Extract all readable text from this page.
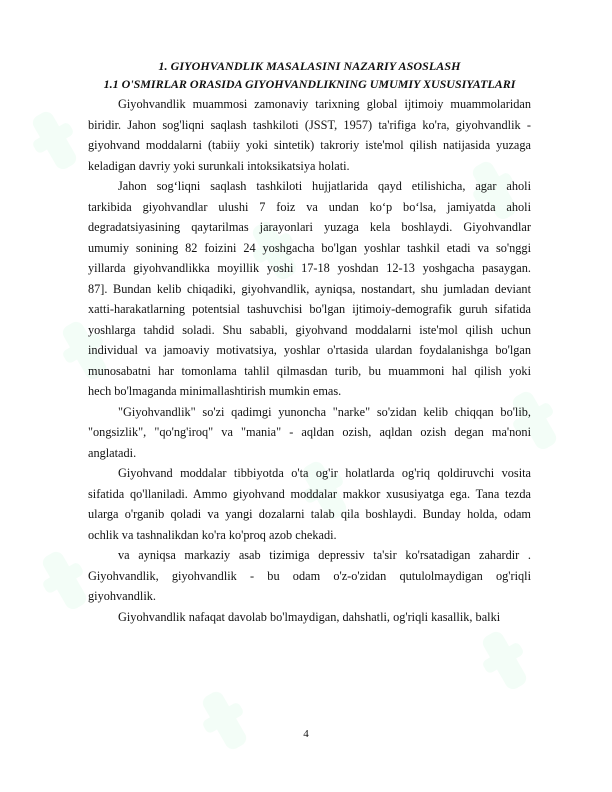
1. GIYOHVANDLIK MASALASINI NAZARIY ASOSLASH
1.1 O'SMIRLAR ORASIDA GIYOHVANDLIKNING UMUMIY XUSUSIYATLARI
Giyohvandlik muammosi zamonaviy tarixning global ijtimoiy muammolaridan
biridir. Jahon sog'liqni saqlash tashkiloti (JSST, 1957) ta'rifiga ko'ra, giyohvandlik -
giyohvand moddalarni (tabiiy yoki sintetik) takroriy iste'mol qilish natijasida yuzaga
keladigan davriy yoki surunkali intoksikatsiya holati.
Jahon sog‘liqni saqlash tashkiloti hujjatlarida qayd etilishicha, agar aholi
tarkibida giyohvandlar ulushi 7 foiz va undan ko‘p bo‘lsa, jamiyatda aholi
degradatsiyasining qaytarilmas jarayonlari yuzaga kela boshlaydi. Giyohvandlar
umumiy sonining 82 foizini 24 yoshgacha bo'lgan yoshlar tashkil etadi va so'nggi
yillarda giyohvandlikka moyillik yoshi 17-18 yoshdan 12-13 yoshgacha pasaygan.
87]. Bundan kelib chiqadiki, giyohvandlik, ayniqsa, nostandart, shu jumladan deviant
xatti-harakatlarning potentsial tashuvchisi bo'lgan ijtimoiy-demografik guruh sifatida
yoshlarga tahdid soladi. Shu sababli, giyohvand moddalarni iste'mol qilish uchun
individual va jamoaviy motivatsiya, yoshlar o'rtasida ulardan foydalanishga bo'lgan
munosabatni har tomonlama tahlil qilmasdan turib, bu muammoni hal qilish yoki
hech bo'lmaganda minimallashtirish mumkin emas.
"Giyohvandlik" so'zi qadimgi yunoncha "narke" so'zidan kelib chiqqan bo'lib,
"ongsizlik", "qo'ng'iroq" va "mania" - aqldan ozish, aqldan ozish degan ma'noni
anglatadi.
Giyohvand moddalar tibbiyotda o'ta og'ir holatlarda og'riq qoldiruvchi vosita
sifatida qo'llaniladi. Ammo giyohvand moddalar makkor xususiyatga ega. Tana tezda
ularga o'rganib qoladi va yangi dozalarni talab qila boshlaydi. Bunday holda, odam
ochlik va tashnalikdan ko'ra ko'proq azob chekadi.
va ayniqsa markaziy asab tizimiga depressiv ta'sir ko'rsatadigan zahardir .
Giyohvandlik, giyohvandlik - bu odam o'z-o'zidan qutulolmaydigan og'riqli
giyohvandlik.
Giyohvandlik nafaqat davolab bo'lmaydigan, dahshatli, og'riqli kasallik, balki
4
